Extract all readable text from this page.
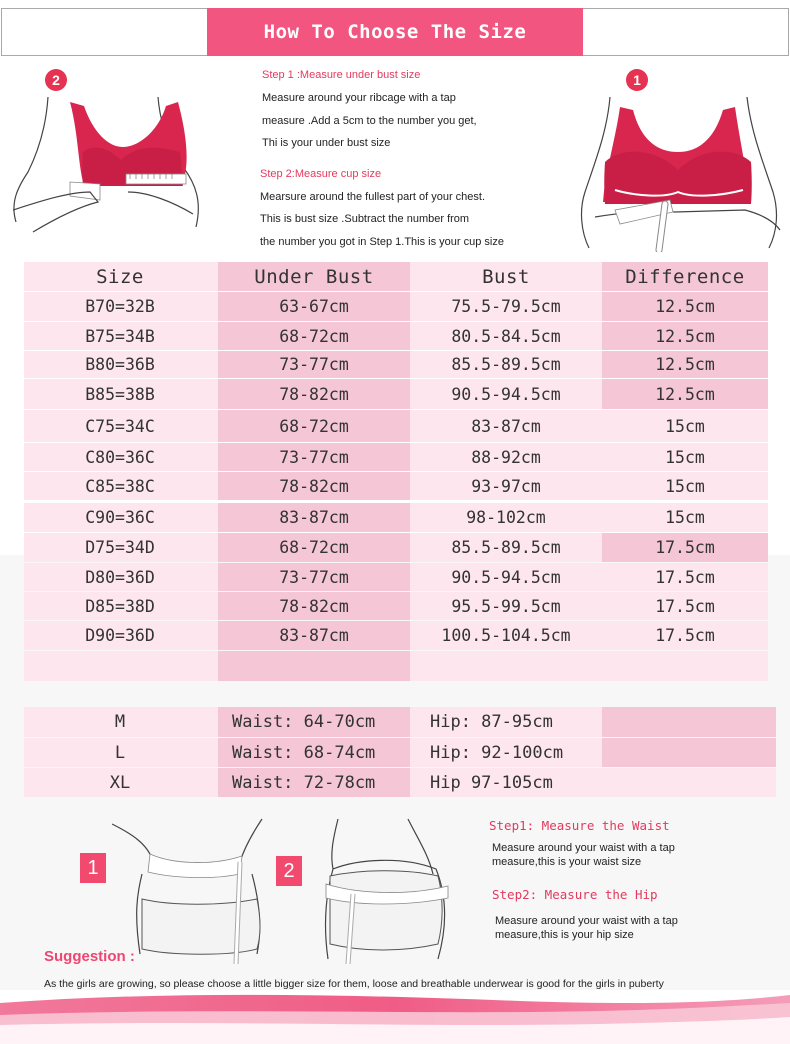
How To Choose The Size
2	Step 1 :Measure under bust size
Measure around your ribcage with a tap
measure .Add a 5cm to the number you get,
Thi is your under bust size
Step 2:Measure cup size
Mearsure around the fullest part of your chest.
This is bust size .Subtract the number from
the number you got in Step 1.This is your cup size
1
Size	Under Bust	Bust	Difference
B70=32B	63-67cm	75.5-79.5cm	12.5cm
B75=34B	68-72cm	80.5-84.5cm	12.5cm
B80=36B	73-77cm	85.5-89.5cm	12.5cm
B85=38B	78-82cm	90.5-94.5cm	12.5cm
C75=34C	68-72cm	83-87cm	15cm
C80=36C	73-77cm	88-92cm	15cm
C85=38C	78-82cm	93-97cm	15cm
C90=36C	83-87cm	98-102cm	15cm
D75=34D	68-72cm	85.5-89.5cm	17.5cm
D80=36D	73-77cm	90.5-94.5cm	17.5cm
D85=38D	78-82cm	95.5-99.5cm	17.5cm
D90=36D	83-87cm	100.5-104.5cm	17.5cm
M	Waist: 64-70cm	Hip: 87-95cm
L	Waist: 68-74cm	Hip: 92-100cm
XL	Waist: 72-78cm	Hip 97-105cm
1	2
Step1: Measure the Waist
Measure around your waist with a tap
measure,this is your waist size
Step2: Measure the Hip
Measure around your waist with a tap
measure,this is your hip size
Suggestion :
As the girls are growing, so please choose a little bigger size for them, loose and breathable underwear is good for the girls in puberty
